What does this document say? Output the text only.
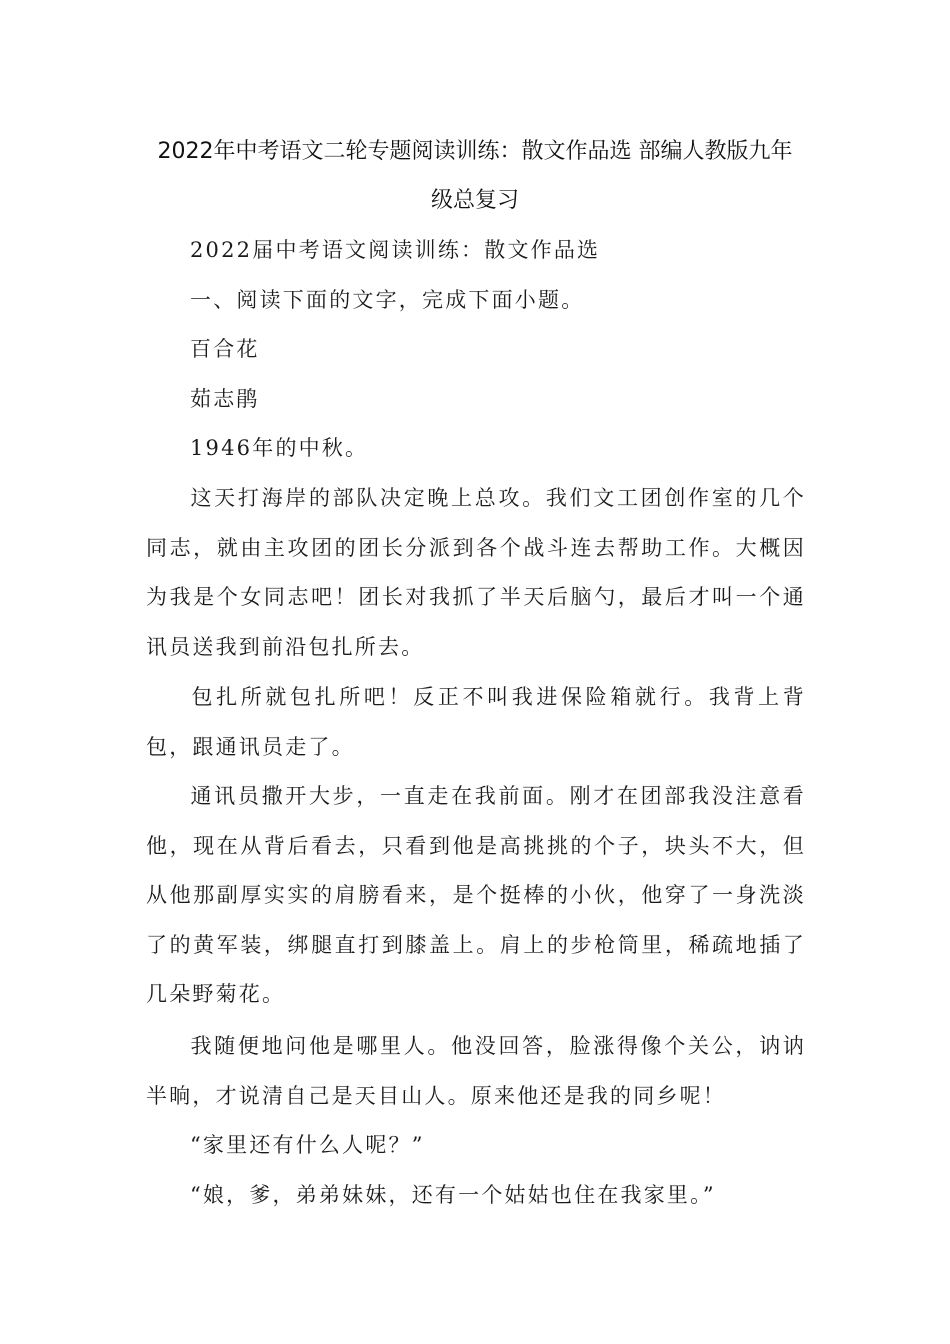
2022年中考语文二轮专题阅读训练：散文作品选 部编人教版九年
级总复习

2022届中考语文阅读训练：散文作品选

一、阅读下面的文字，完成下面小题。

百合花

茹志鹃

1946年的中秋。

这天打海岸的部队决定晚上总攻。我们文工团创作室的几个同志，就由主攻团的团长分派到各个战斗连去帮助工作。大概因为我是个女同志吧！团长对我抓了半天后脑勺，最后才叫一个通讯员送我到前沿包扎所去。

包扎所就包扎所吧！反正不叫我进保险箱就行。我背上背包，跟通讯员走了。

通讯员撒开大步，一直走在我前面。刚才在团部我没注意看他，现在从背后看去，只看到他是高挑挑的个子，块头不大，但从他那副厚实实的肩膀看来，是个挺棒的小伙，他穿了一身洗淡了的黄军装，绑腿直打到膝盖上。肩上的步枪筒里，稀疏地插了几朵野菊花。

我随便地问他是哪里人。他没回答，脸涨得像个关公，讷讷半晌，才说清自己是天目山人。原来他还是我的同乡呢！

“家里还有什么人呢？”

“娘，爹，弟弟妹妹，还有一个姑姑也住在我家里。”
